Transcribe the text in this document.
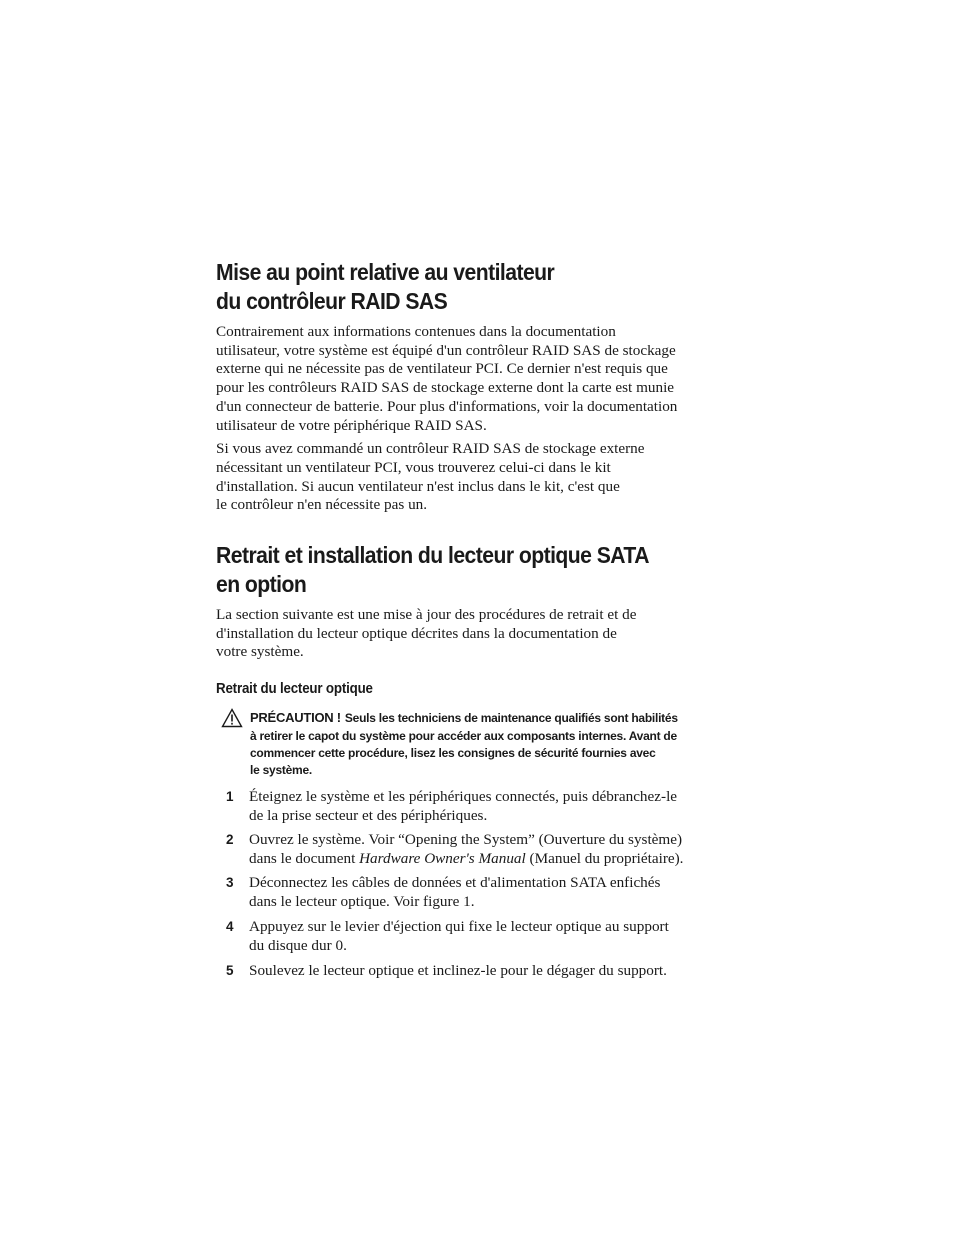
Mise au point relative au ventilateur
du contrôleur RAID SAS

Contrairement aux informations contenues dans la documentation
utilisateur, votre système est équipé d'un contrôleur RAID SAS de stockage
externe qui ne nécessite pas de ventilateur PCI. Ce dernier n'est requis que
pour les contrôleurs RAID SAS de stockage externe dont la carte est munie
d'un connecteur de batterie. Pour plus d'informations, voir la documentation
utilisateur de votre périphérique RAID SAS.

Si vous avez commandé un contrôleur RAID SAS de stockage externe
nécessitant un ventilateur PCI, vous trouverez celui-ci dans le kit
d'installation. Si aucun ventilateur n'est inclus dans le kit, c'est que
le contrôleur n'en nécessite pas un.

Retrait et installation du lecteur optique SATA
en option

La section suivante est une mise à jour des procédures de retrait et de
d'installation du lecteur optique décrites dans la documentation de
votre système.

Retrait du lecteur optique
PRÉCAUTION ! Seuls les techniciens de maintenance qualifiés sont habilités
à retirer le capot du système pour accéder aux composants internes. Avant de
commencer cette procédure, lisez les consignes de sécurité fournies avec
le système.
1 Éteignez le système et les périphériques connectés, puis débranchez-le
de la prise secteur et des périphériques.
2 Ouvrez le système. Voir “Opening the System” (Ouverture du système)
dans le document Hardware Owner's Manual (Manuel du propriétaire).
3 Déconnectez les câbles de données et d'alimentation SATA enfichés
dans le lecteur optique. Voir figure 1.
4 Appuyez sur le levier d'éjection qui fixe le lecteur optique au support
du disque dur 0.
5 Soulevez le lecteur optique et inclinez-le pour le dégager du support.
